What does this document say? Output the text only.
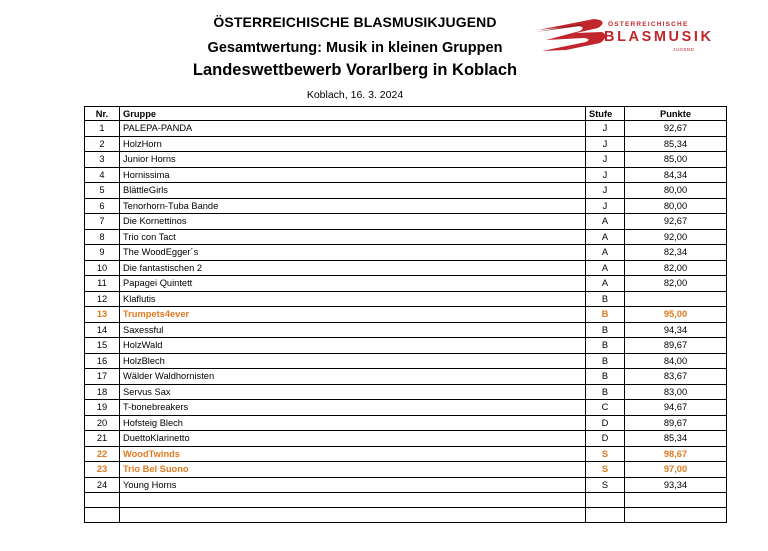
ÖSTERREICHISCHE BLASMUSIKJUGEND
Gesamtwertung: Musik in kleinen Gruppen
Landeswettbewerb Vorarlberg in Koblach
Koblach, 16. 3. 2024
ÖSTERREICHISCHE
BLASMUSIK
JUGEND
Nr.	Gruppe	Stufe	Punkte
1	PALEPA-PANDA	J	92,67
2	HolzHorn	J	85,34
3	Junior Horns	J	85,00
4	Hornissima	J	84,34
5	BlättleGirls	J	80,00
6	Tenorhorn-Tuba Bande	J	80,00
7	Die Kornettinos	A	92,67
8	Trio con Tact	A	92,00
9	The WoodEgger´s	A	82,34
10	Die fantastischen 2	A	82,00
11	Papagei Quintett	A	82,00
12	Klaflutis	B	
13	Trumpets4ever	B	95,00
14	Saxessful	B	94,34
15	HolzWald	B	89,67
16	HolzBlech	B	84,00
17	Wälder Waldhornisten	B	83,67
18	Servus Sax	B	83,00
19	T-bonebreakers	C	94,67
20	Hofsteig Blech	D	89,67
21	DuettoKlarinetto	D	85,34
22	WoodTwinds	S	98,67
23	Trio Bel Suono	S	97,00
24	Young Horns	S	93,34
